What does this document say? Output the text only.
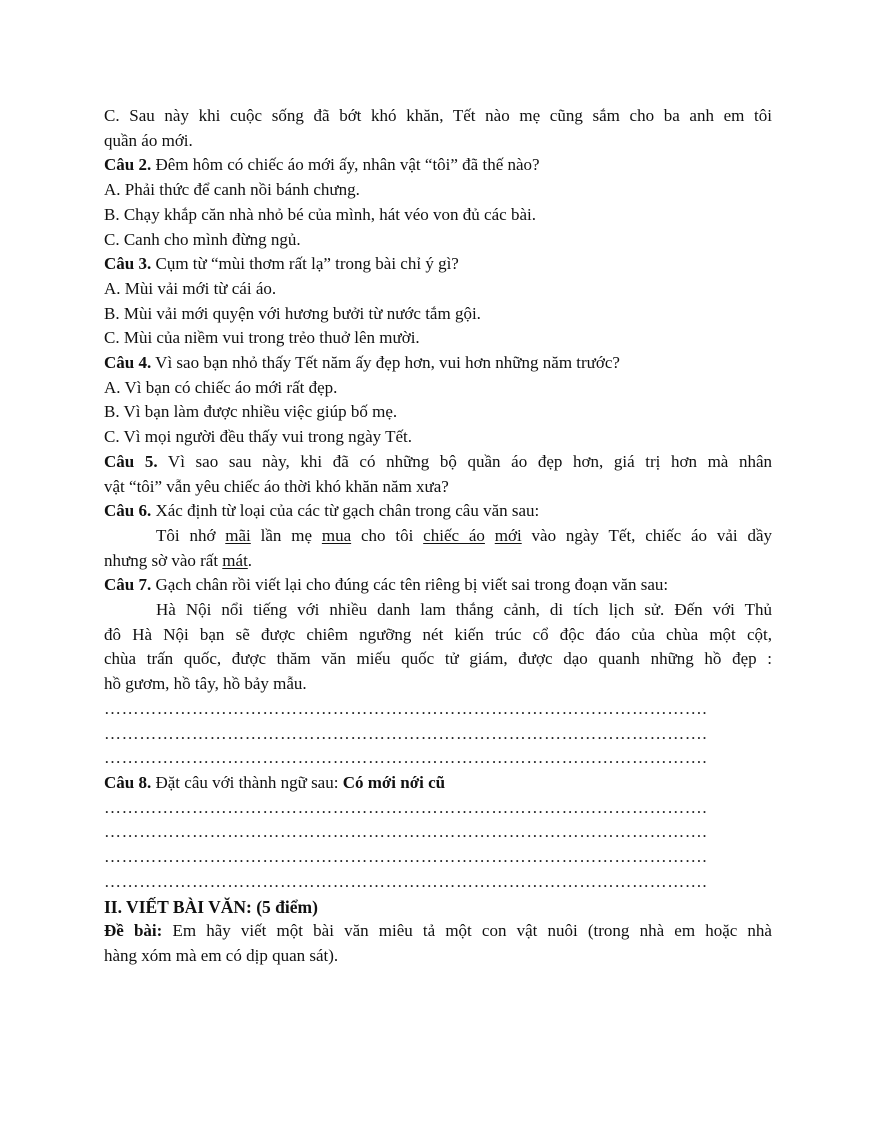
C. Sau này khi cuộc sống đã bớt khó khăn, Tết nào mẹ cũng sắm cho ba anh em tôi
quần áo mới.
Câu 2. Đêm hôm có chiếc áo mới ấy, nhân vật “tôi” đã thế nào?
A. Phải thức để canh nồi bánh chưng.
B. Chạy khắp căn nhà nhỏ bé của mình, hát véo von đủ các bài.
C. Canh cho mình đừng ngủ.
Câu 3. Cụm từ “mùi thơm rất lạ” trong bài chỉ ý gì?
A. Mùi vải mới từ cái áo.
B. Mùi vải mới quyện với hương bưởi từ nước tắm gội.
C. Mùi của niềm vui trong trẻo thuở lên mười.
Câu 4. Vì sao bạn nhỏ thấy Tết năm ấy đẹp hơn, vui hơn những năm trước?
A. Vì bạn có chiếc áo mới rất đẹp.
B. Vì bạn làm được nhiều việc giúp bố mẹ.
C. Vì mọi người đều thấy vui trong ngày Tết.
Câu 5. Vì sao sau này, khi đã có những bộ quần áo đẹp hơn, giá trị hơn mà nhân
vật “tôi” vẫn yêu chiếc áo thời khó khăn năm xưa?
Câu 6. Xác định từ loại của các từ gạch chân trong câu văn sau:
Tôi nhớ mãi lần mẹ mua cho tôi chiếc áo mới vào ngày Tết, chiếc áo vải dầy
nhưng sờ vào rất mát.
Câu 7. Gạch chân rồi viết lại cho đúng các tên riêng bị viết sai trong đoạn văn sau:
Hà Nội nổi tiếng với nhiều danh lam thắng cảnh, di tích lịch sử. Đến với Thủ
đô Hà Nội bạn sẽ được chiêm ngưỡng nét kiến trúc cổ độc đáo của chùa một cột,
chùa trấn quốc, được thăm văn miếu quốc tử giám, được dạo quanh những hồ đẹp :
hồ gươm, hồ tây, hồ bảy mẫu.
………………………………………………………………………………………….
………………………………………………………………………………………….
………………………………………………………………………………………….
Câu 8. Đặt câu với thành ngữ sau: Có mới nới cũ
………………………………………………………………………………………….
………………………………………………………………………………………….
………………………………………………………………………………………….
………………………………………………………………………………………….
II. VIẾT BÀI VĂN: (5 điểm)
Đề bài: Em hãy viết một bài văn miêu tả một con vật nuôi (trong nhà em hoặc nhà
hàng xóm mà em có dịp quan sát).
